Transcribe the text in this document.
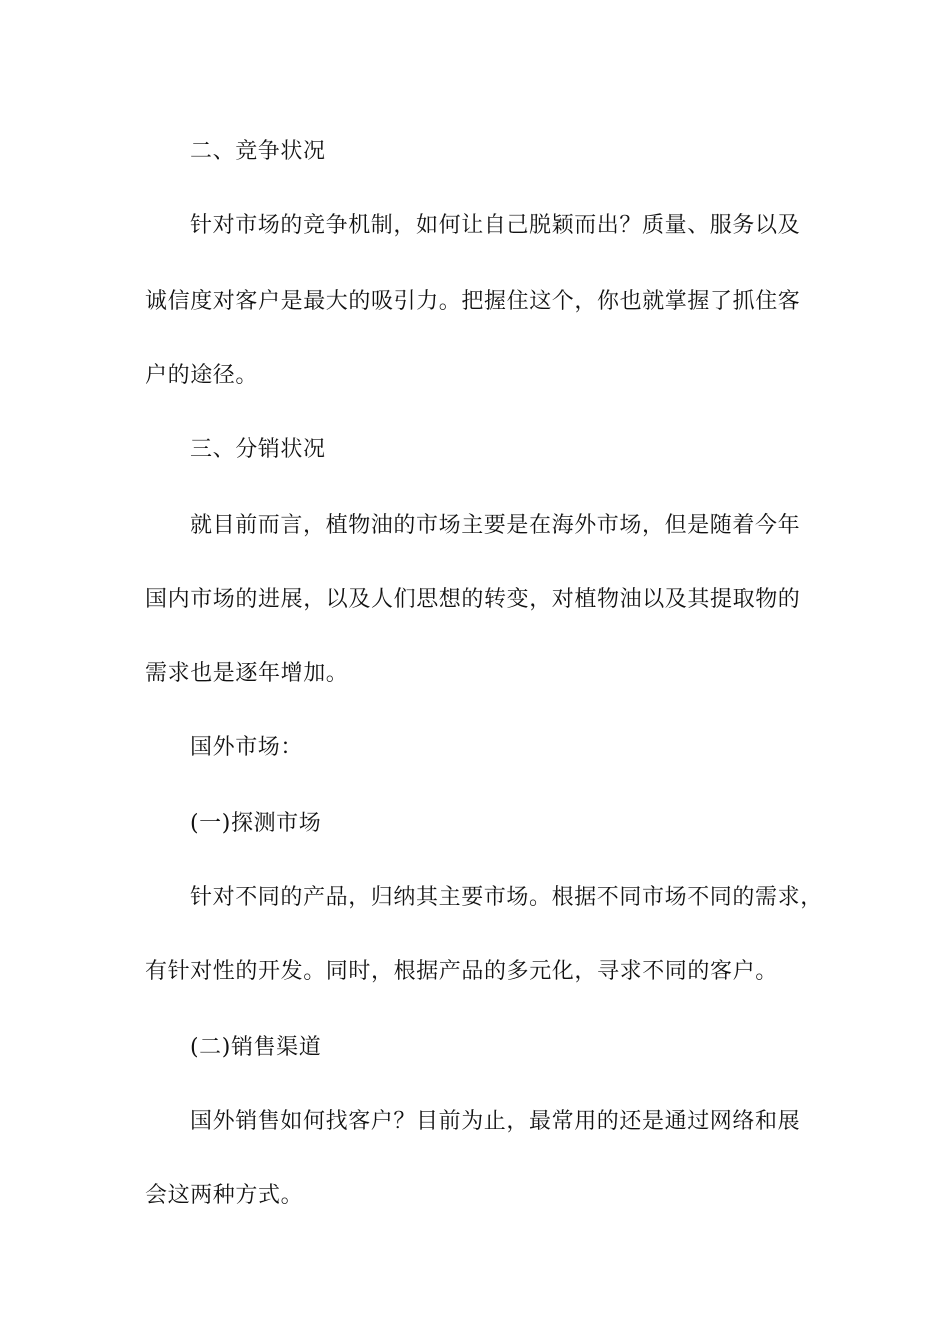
二、竞争状况
针对市场的竞争机制，如何让自己脱颖而出？质量、服务以及
诚信度对客户是最大的吸引力。把握住这个，你也就掌握了抓住客
户的途径。
三、分销状况
就目前而言，植物油的市场主要是在海外市场，但是随着今年
国内市场的进展，以及人们思想的转变，对植物油以及其提取物的
需求也是逐年增加。
国外市场：
(一)探测市场
针对不同的产品，归纳其主要市场。根据不同市场不同的需求，
有针对性的开发。同时，根据产品的多元化，寻求不同的客户。
(二)销售渠道
国外销售如何找客户？目前为止，最常用的还是通过网络和展
会这两种方式。
